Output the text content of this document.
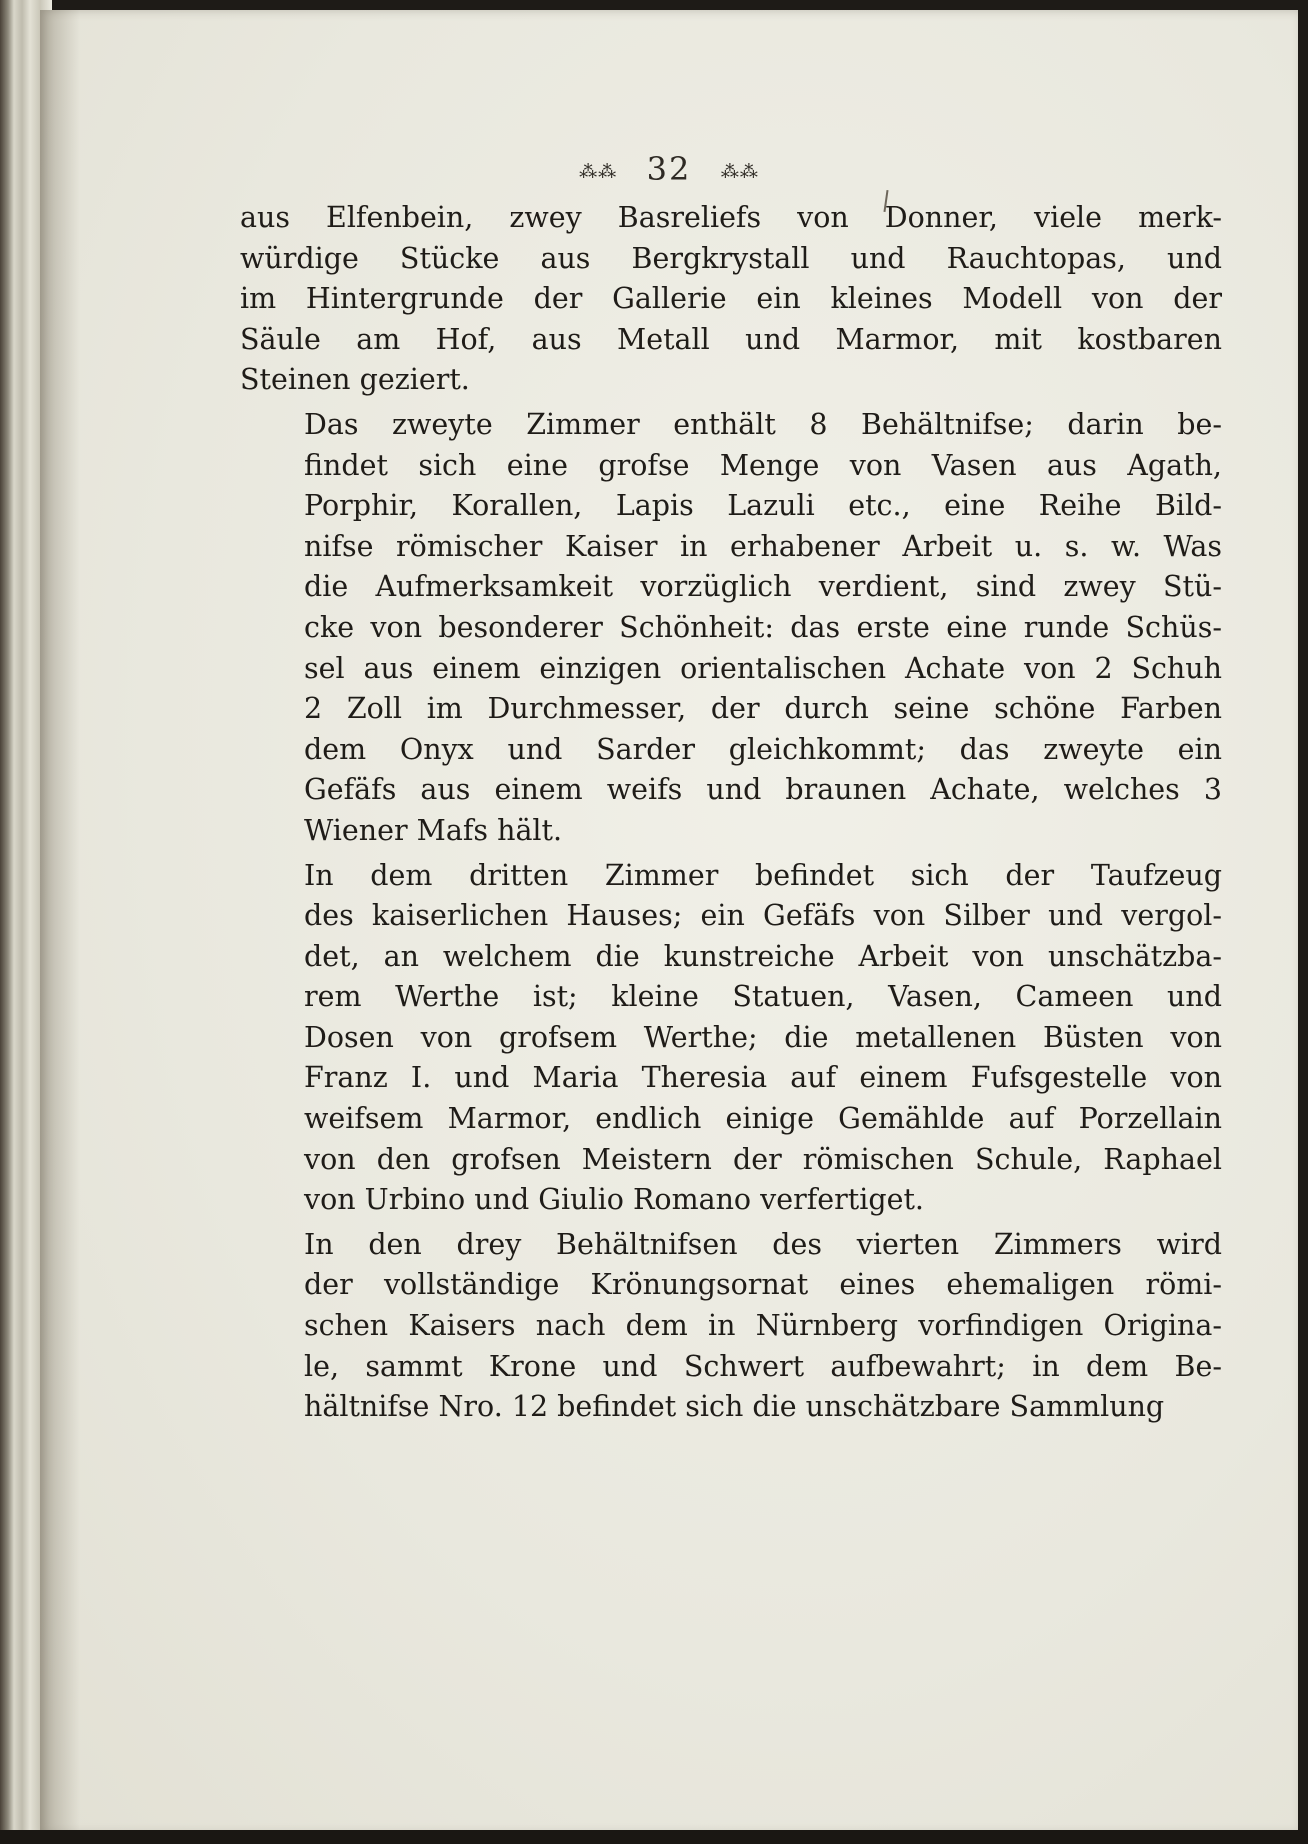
⁂⁂ 32 ⁂⁂
aus Elfenbein, zwey Basreliefs von Donner, viele merk-
würdige Stücke aus Bergkrystall und Rauchtopas, und
im Hintergrunde der Gallerie ein kleines Modell von der
Säule am Hof, aus Metall und Marmor, mit kostbaren
Steinen geziert.
Das zweyte Zimmer enthält 8 Behältnifse; darin be-
findet sich eine grofse Menge von Vasen aus Agath,
Porphir, Korallen, Lapis Lazuli etc., eine Reihe Bild-
nifse römischer Kaiser in erhabener Arbeit u. s. w. Was
die Aufmerksamkeit vorzüglich verdient, sind zwey Stü-
cke von besonderer Schönheit: das erste eine runde Schüs-
sel aus einem einzigen orientalischen Achate von 2 Schuh
2 Zoll im Durchmesser, der durch seine schöne Farben
dem Onyx und Sarder gleichkommt; das zweyte ein
Gefäfs aus einem weifs und braunen Achate, welches 3
Wiener Mafs hält.
In dem dritten Zimmer befindet sich der Taufzeug
des kaiserlichen Hauses; ein Gefäfs von Silber und vergol-
det, an welchem die kunstreiche Arbeit von unschätzba-
rem Werthe ist; kleine Statuen, Vasen, Cameen und
Dosen von grofsem Werthe; die metallenen Büsten von
Franz I. und Maria Theresia auf einem Fufsgestelle von
weifsem Marmor, endlich einige Gemählde auf Porzellain
von den grofsen Meistern der römischen Schule, Raphael
von Urbino und Giulio Romano verfertiget.
In den drey Behältnifsen des vierten Zimmers wird
der vollständige Krönungsornat eines ehemaligen römi-
schen Kaisers nach dem in Nürnberg vorfindigen Origina-
le, sammt Krone und Schwert aufbewahrt; in dem Be-
hältnifse Nro. 12 befindet sich die unschätzbare Sammlung
